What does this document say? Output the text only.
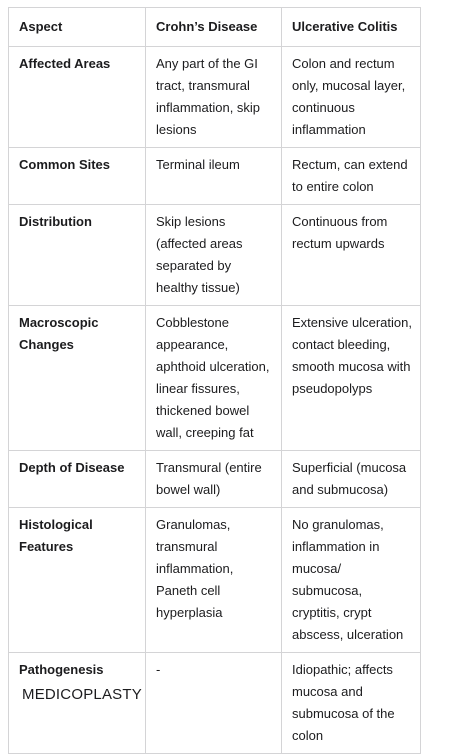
Aspect	Crohn’s Disease	Ulcerative Colitis
Affected Areas	Any part of the GI tract, transmural inflammation, skip lesions	Colon and rectum only, mucosal layer, continuous inflammation
Common Sites	Terminal ileum	Rectum, can extend to entire colon
Distribution	Skip lesions (affected areas separated by healthy tissue)	Continuous from rectum upwards
Macroscopic Changes	Cobblestone appearance, aphthoid ulceration, linear fissures, thickened bowel wall, creeping fat	Extensive ulceration, contact bleeding, smooth mucosa with pseudopolyps
Depth of Disease	Transmural (entire bowel wall)	Superficial (mucosa and submucosa)
Histological Features	Granulomas, transmural inflammation, Paneth cell hyperplasia	No granulomas, inflammation in mucosa/ submucosa, cryptitis, crypt abscess, ulceration
Pathogenesis	-	Idiopathic; affects mucosa and submucosa of the colon
MEDICOPLASTY
